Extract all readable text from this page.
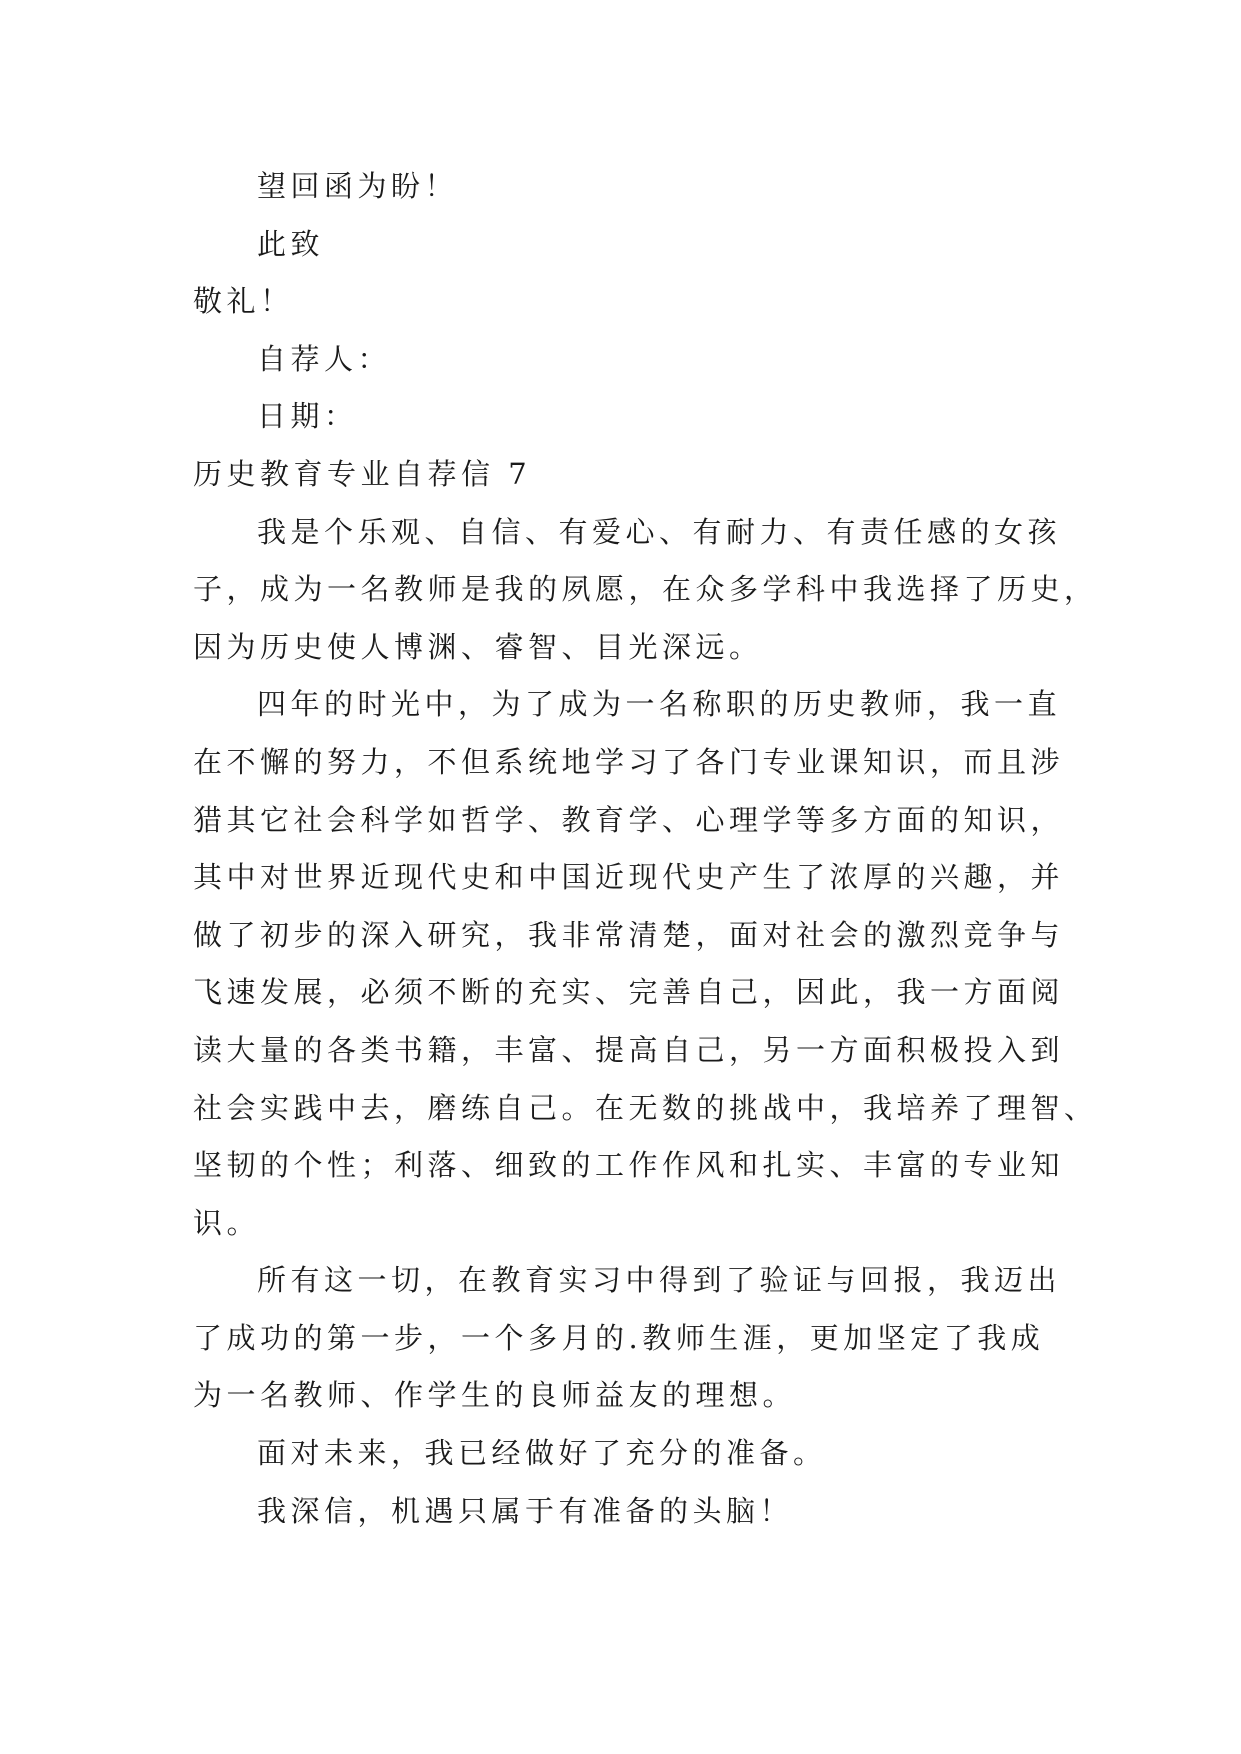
望回函为盼！
此致
敬礼！
自荐人：
日期：
历史教育专业自荐信 7
我是个乐观、自信、有爱心、有耐力、有责任感的女孩
子，成为一名教师是我的夙愿，在众多学科中我选择了历史，
因为历史使人博渊、睿智、目光深远。
四年的时光中，为了成为一名称职的历史教师，我一直
在不懈的努力，不但系统地学习了各门专业课知识，而且涉
猎其它社会科学如哲学、教育学、心理学等多方面的知识，
其中对世界近现代史和中国近现代史产生了浓厚的兴趣，并
做了初步的深入研究，我非常清楚，面对社会的激烈竞争与
飞速发展，必须不断的充实、完善自己，因此，我一方面阅
读大量的各类书籍，丰富、提高自己，另一方面积极投入到
社会实践中去，磨练自己。在无数的挑战中，我培养了理智、
坚韧的个性；利落、细致的工作作风和扎实、丰富的专业知
识。
所有这一切，在教育实习中得到了验证与回报，我迈出
了成功的第一步，一个多月的.教师生涯，更加坚定了我成
为一名教师、作学生的良师益友的理想。
面对未来，我已经做好了充分的准备。
我深信，机遇只属于有准备的头脑！
